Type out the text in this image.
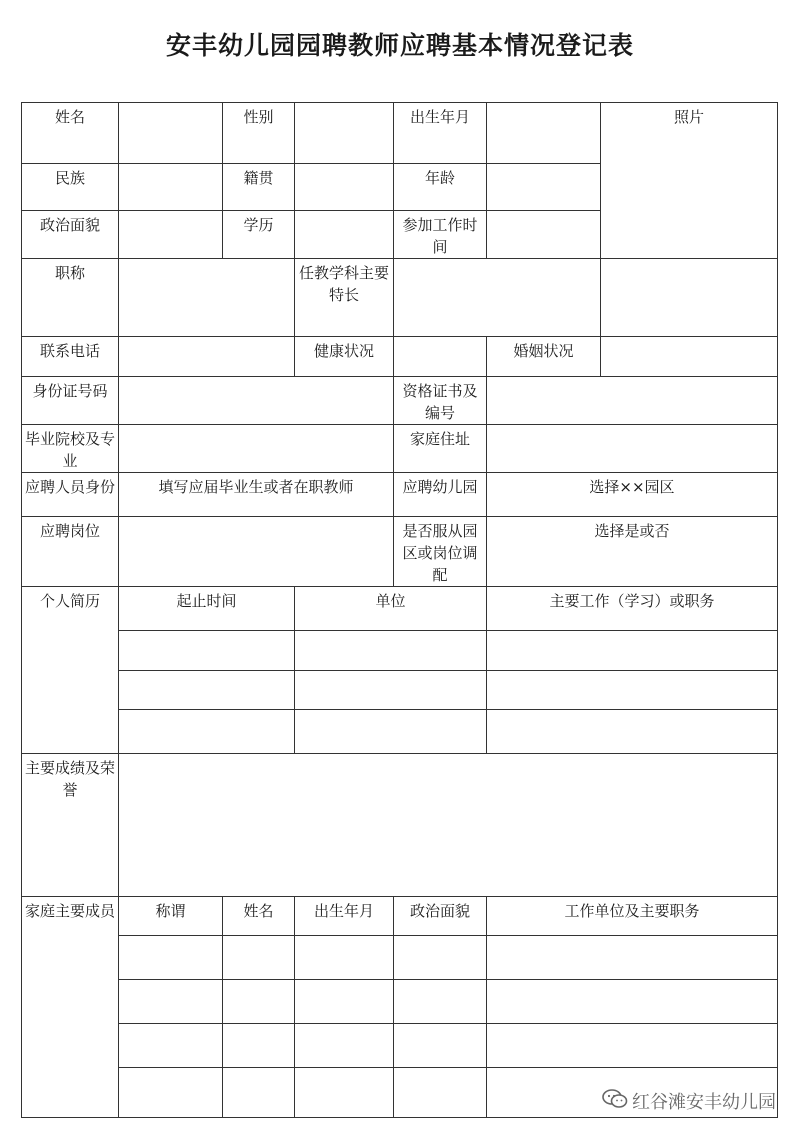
安丰幼儿园园聘教师应聘基本情况登记表
姓名		性别		出生年月		照片
民族		籍贯		年龄		
政治面貌		学历		参加工作时间		
职称			任教学科主要特长			
联系电话			健康状况		婚姻状况	
身份证号码				资格证书及编号		
毕业院校及专业				家庭住址		
应聘人员身份	填写应届毕业生或者在职教师			应聘幼儿园	选择××园区	
应聘岗位				是否服从园区或岗位调配	选择是或否	
个人简历	起止时间		单位		主要工作（学习）或职务	

主要成绩及荣誉						
家庭主要成员	称谓	姓名	出生年月	政治面貌	工作单位及主要职务	

红谷滩安丰幼儿园
